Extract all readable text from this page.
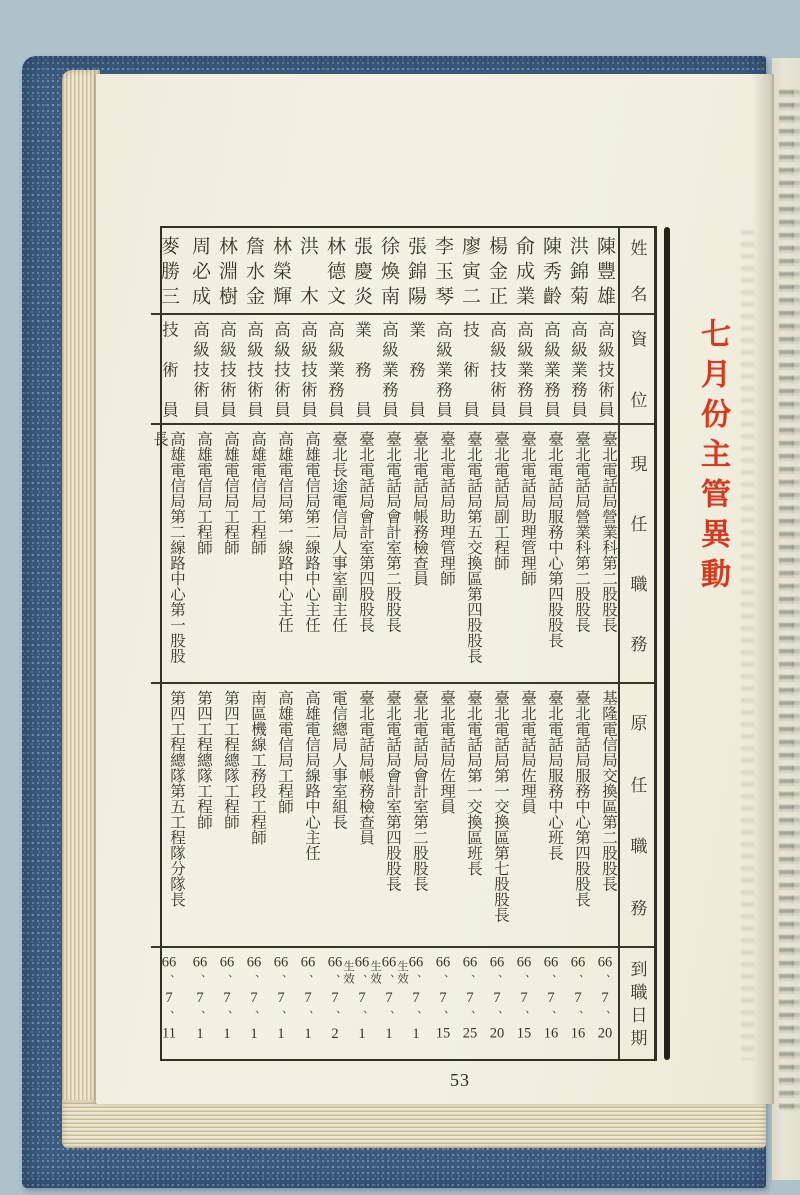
七月份主管異動
姓
名
資
位
現
任
職
務
原
任
職
務
到
職
日
期
陳
豐
雄
高
級
技
術
員
臺北電話局營業科第二股股長
基隆電信局交換區第二股股長
66
、
7
、
20
洪
錦
菊
高
級
業
務
員
臺北電話局營業科第二股股長
臺北電話局服務中心第四股股長
66
、
7
、
16
陳
秀
齡
高
級
業
務
員
臺北電話局服務中心第四股股長
臺北電話局服務中心班長
66
、
7
、
16
俞
成
業
高
級
業
務
員
臺北電話局助理管理師
臺北電話局佐理員
66
、
7
、
15
楊
金
正
高
級
技
術
員
臺北電話局副工程師
臺北電話局第一交換區第七股股長
66
、
7
、
20
廖
寅
二
技
術
員
臺北電話局第五交換區第四股股長
臺北電話局第一交換區班長
66
、
7
、
25
李
玉
琴
高
級
業
務
員
臺北電話局助理管理師
臺北電話局佐理員
66
、
7
、
15
張
錦
陽
業
務
員
臺北電話局帳務檢查員
臺北電話局會計室第二股股長
66
、
7
、
1
徐
煥
南
高
級
業
務
員
臺北電話局會計室第二股股長
臺北電話局會計室第四股股長
66
、
7
、
1
生效
張
慶
炎
業
務
員
臺北電話局會計室第四股股長
臺北電話局帳務檢查員
66
、
7
、
1
生效
林
德
文
高
級
業
務
員
臺北長途電信局人事室副主任
電信總局人事室組長
66
、
7
、
2
生效
洪
木
高
級
技
術
員
高雄電信局第二線路中心主任
高雄電信局線路中心主任
66
、
7
、
1
林
榮
輝
高
級
技
術
員
高雄電信局第一線路中心主任
高雄電信局工程師
66
、
7
、
1
詹
水
金
高
級
技
術
員
高雄電信局工程師
南區機線工務段工程師
66
、
7
、
1
林
淵
樹
高
級
技
術
員
高雄電信局工程師
第四工程總隊工程師
66
、
7
、
1
周
必
成
高
級
技
術
員
高雄電信局工程師
第四工程總隊工程師
66
、
7
、
1
麥
勝
三
技
術
員
高雄電信局第二線路中心第一股股長
第四工程總隊第五工程隊分隊長
66
、
7
、
11
53
